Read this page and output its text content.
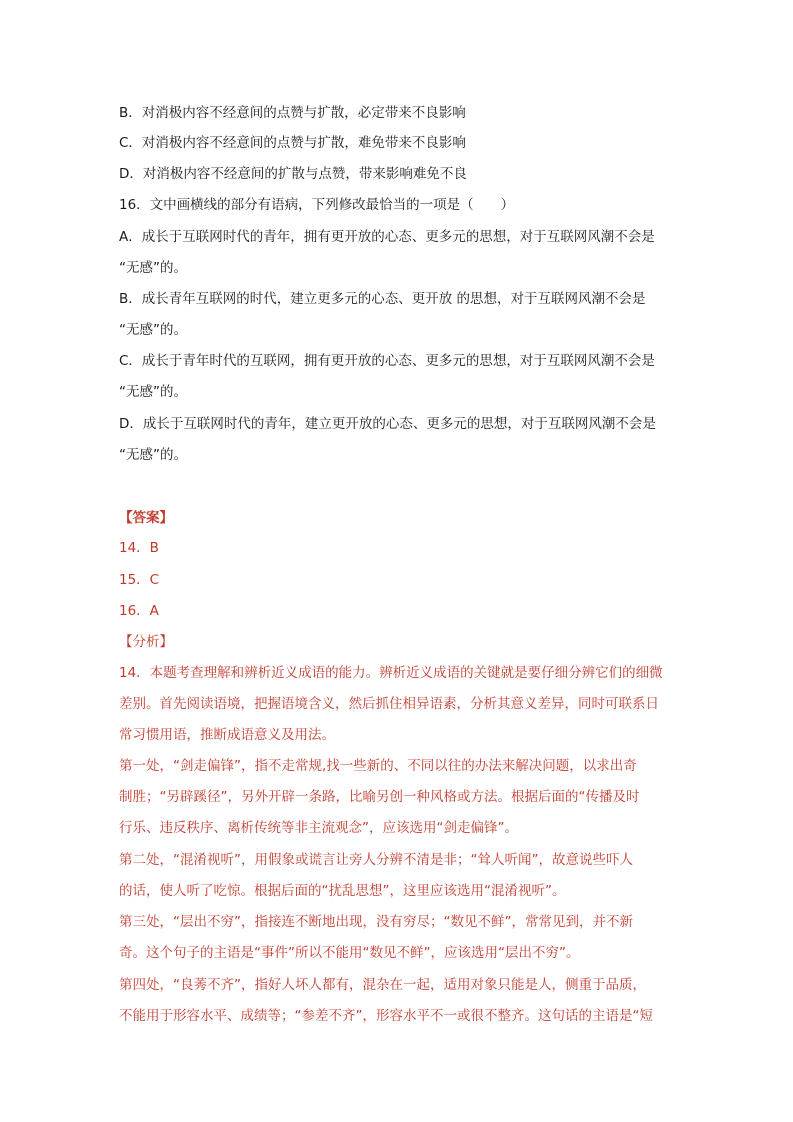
B．对消极内容不经意间的点赞与扩散，必定带来不良影响
C．对消极内容不经意间的点赞与扩散，难免带来不良影响
D．对消极内容不经意间的扩散与点赞，带来影响难免不良
16．文中画横线的部分有语病，下列修改最恰当的一项是（　　）
A．成长于互联网时代的青年，拥有更开放的心态、更多元的思想，对于互联网风潮不会是
“无感”的。
B．成长青年互联网的时代，建立更多元的心态、更开放 的思想，对于互联网风潮不会是
“无感”的。
C．成长于青年时代的互联网，拥有更开放的心态、更多元的思想，对于互联网风潮不会是
“无感”的。
D．成长于互联网时代的青年，建立更开放的心态、更多元的思想，对于互联网风潮不会是
“无感”的。
【答案】
14．B
15．C
16．A
【分析】
14．本题考查理解和辨析近义成语的能力。辨析近义成语的关键就是要仔细分辨它们的细微
差别。首先阅读语境，把握语境含义，然后抓住相异语素，分析其意义差异，同时可联系日
常习惯用语，推断成语意义及用法。
第一处，“剑走偏锋”，指不走常规,找一些新的、不同以往的办法来解决问题，以求出奇
制胜；“另辟蹊径”，另外开辟一条路，比喻另创一种风格或方法。根据后面的“传播及时
行乐、违反秩序、离析传统等非主流观念”，应该选用“剑走偏锋”。
第二处，“混淆视听”，用假象或谎言让旁人分辨不清是非；“耸人听闻”，故意说些吓人
的话，使人听了吃惊。根据后面的“扰乱思想”，这里应该选用“混淆视听”。
第三处，“层出不穷”，指接连不断地出现，没有穷尽；“数见不鲜”，常常见到，并不新
奇。这个句子的主语是“事件”所以不能用“数见不鲜”，应该选用“层出不穷”。
第四处，“良莠不齐”，指好人坏人都有，混杂在一起，适用对象只能是人，侧重于品质，
不能用于形容水平、成绩等；“参差不齐”，形容水平不一或很不整齐。这句话的主语是“短
